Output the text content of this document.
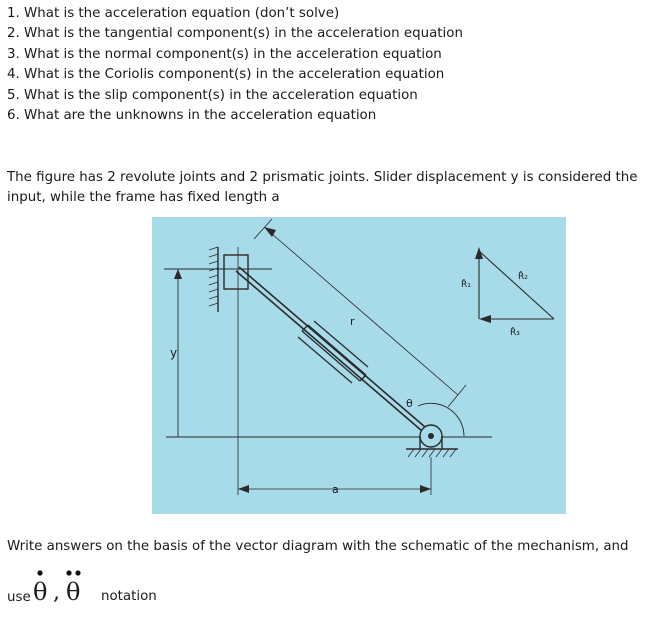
1. What is the acceleration equation (don’t solve)
2. What is the tangential component(s) in the acceleration equation
3. What is the normal component(s) in the acceleration equation
4. What is the Coriolis component(s) in the acceleration equation
5. What is the slip component(s) in the acceleration equation
6. What are the unknowns in the acceleration equation
The figure has 2 revolute joints and 2 prismatic joints. Slider displacement y is considered the input, while the frame has fixed length a
y
r
a
θ
R̂₁
R̂₂
R̂₃
Write answers on the basis of the vector diagram with the schematic of the mechanism, and
use θ , θ notation
